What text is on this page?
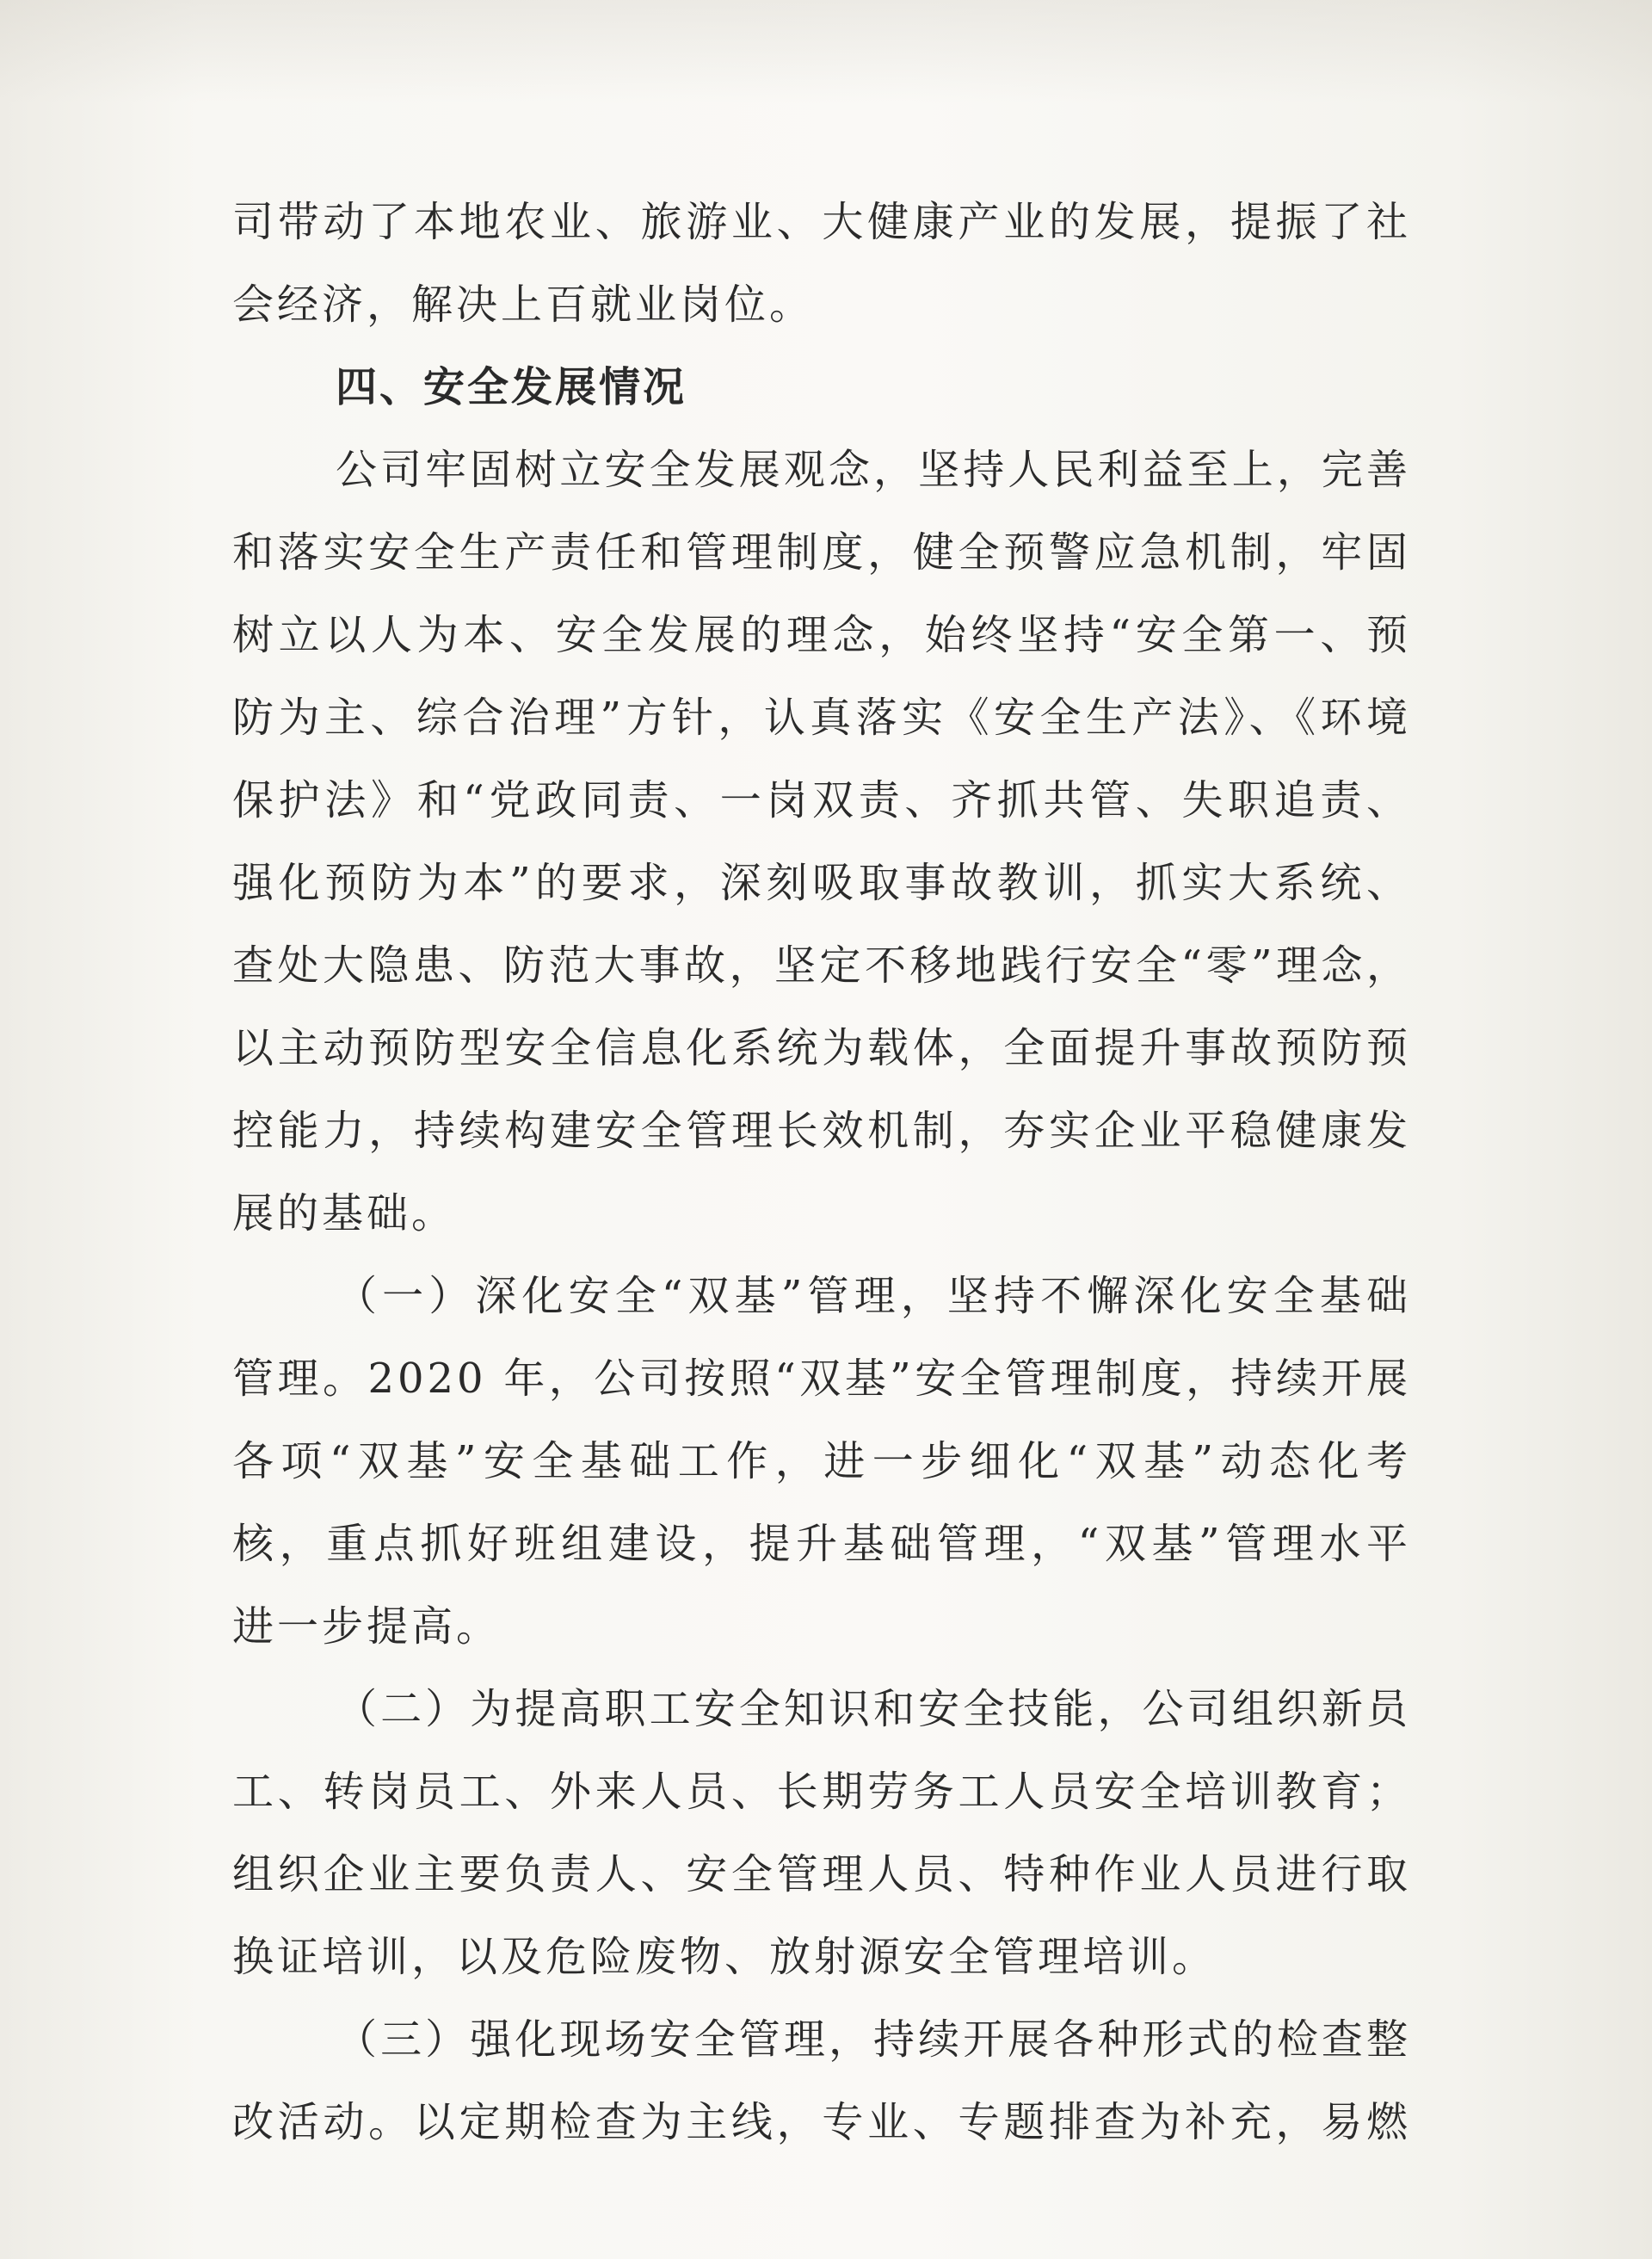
司带动了本地农业、旅游业、大健康产业的发展，提振了社
会经济，解决上百就业岗位。
四、安全发展情况
公司牢固树立安全发展观念，坚持人民利益至上，完善
和落实安全生产责任和管理制度，健全预警应急机制，牢固
树立以人为本、安全发展的理念，始终坚持“安全第一、预
防为主、综合治理”方针，认真落实《安全生产法》、《环境
保护法》和“党政同责、一岗双责、齐抓共管、失职追责、
强化预防为本”的要求，深刻吸取事故教训，抓实大系统、
查处大隐患、防范大事故，坚定不移地践行安全“零”理念，
以主动预防型安全信息化系统为载体，全面提升事故预防预
控能力，持续构建安全管理长效机制，夯实企业平稳健康发
展的基础。
（一）深化安全“双基”管理，坚持不懈深化安全基础
管理。2020 年，公司按照“双基”安全管理制度，持续开展
各项“双基”安全基础工作，进一步细化“双基”动态化考
核，重点抓好班组建设，提升基础管理，“双基”管理水平
进一步提高。
（二）为提高职工安全知识和安全技能，公司组织新员
工、转岗员工、外来人员、长期劳务工人员安全培训教育；
组织企业主要负责人、安全管理人员、特种作业人员进行取
换证培训，以及危险废物、放射源安全管理培训。
（三）强化现场安全管理，持续开展各种形式的检查整
改活动。以定期检查为主线，专业、专题排查为补充，易燃
